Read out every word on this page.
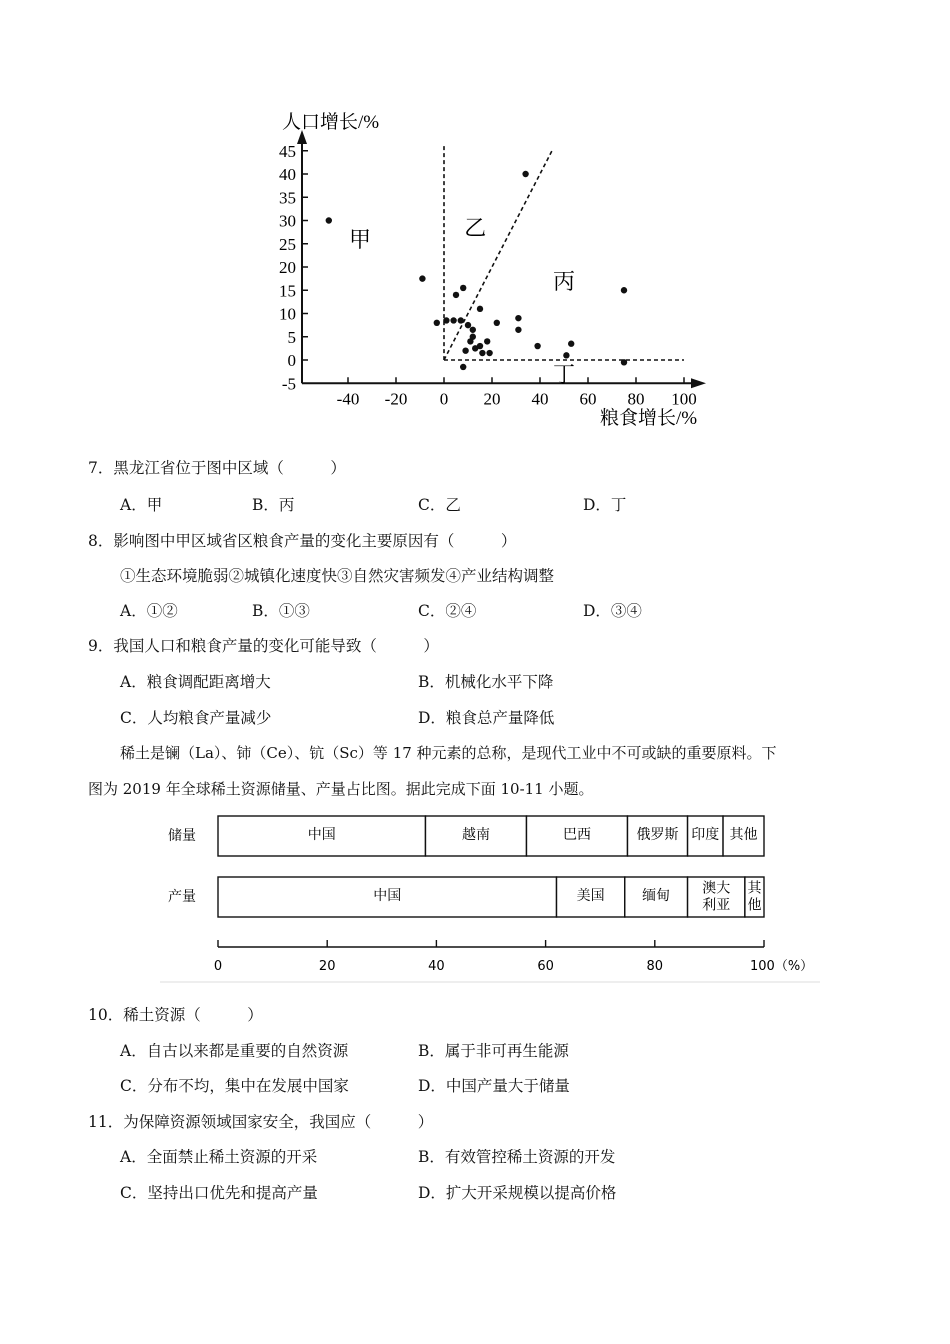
45
40
35
30
25
20
15
10
5
0
-5
-40 -20 0 20 40 60 80 100
甲	乙
丙
丁
人口增长/%
粮食增长/%
7．黑龙江省位于图中区域（　　　）
A．甲	B．丙	C．乙	D．丁
8．影响图中甲区域省区粮食产量的变化主要原因有（　　　）
①生态环境脆弱②城镇化速度快③自然灾害频发④产业结构调整
A．①②	B．①③	C．②④	D．③④
9．我国人口和粮食产量的变化可能导致（　　　）
A．粮食调配距离增大	B．机械化水平下降
C．人均粮食产量减少	D．粮食总产量降低
稀土是镧（La）、铈（Ce）、钪（Sc）等 17 种元素的总称，是现代工业中不可或缺的重要原料。下
图为 2019 年全球稀土资源储量、产量占比图。据此完成下面 10-11 小题。
储量	中国	越南	巴西	俄罗斯 印度 其他
产量	中国	美国	缅甸 澳大
利亚
其
他
0	20	40	60	80	100（%）
10．稀土资源（　　　）
A．自古以来都是重要的自然资源	B．属于非可再生能源
C．分布不均，集中在发展中国家	D．中国产量大于储量
11．为保障资源领域国家安全，我国应（　　　）
A．全面禁止稀土资源的开采	B．有效管控稀土资源的开发
C．坚持出口优先和提高产量	D．扩大开采规模以提高价格
